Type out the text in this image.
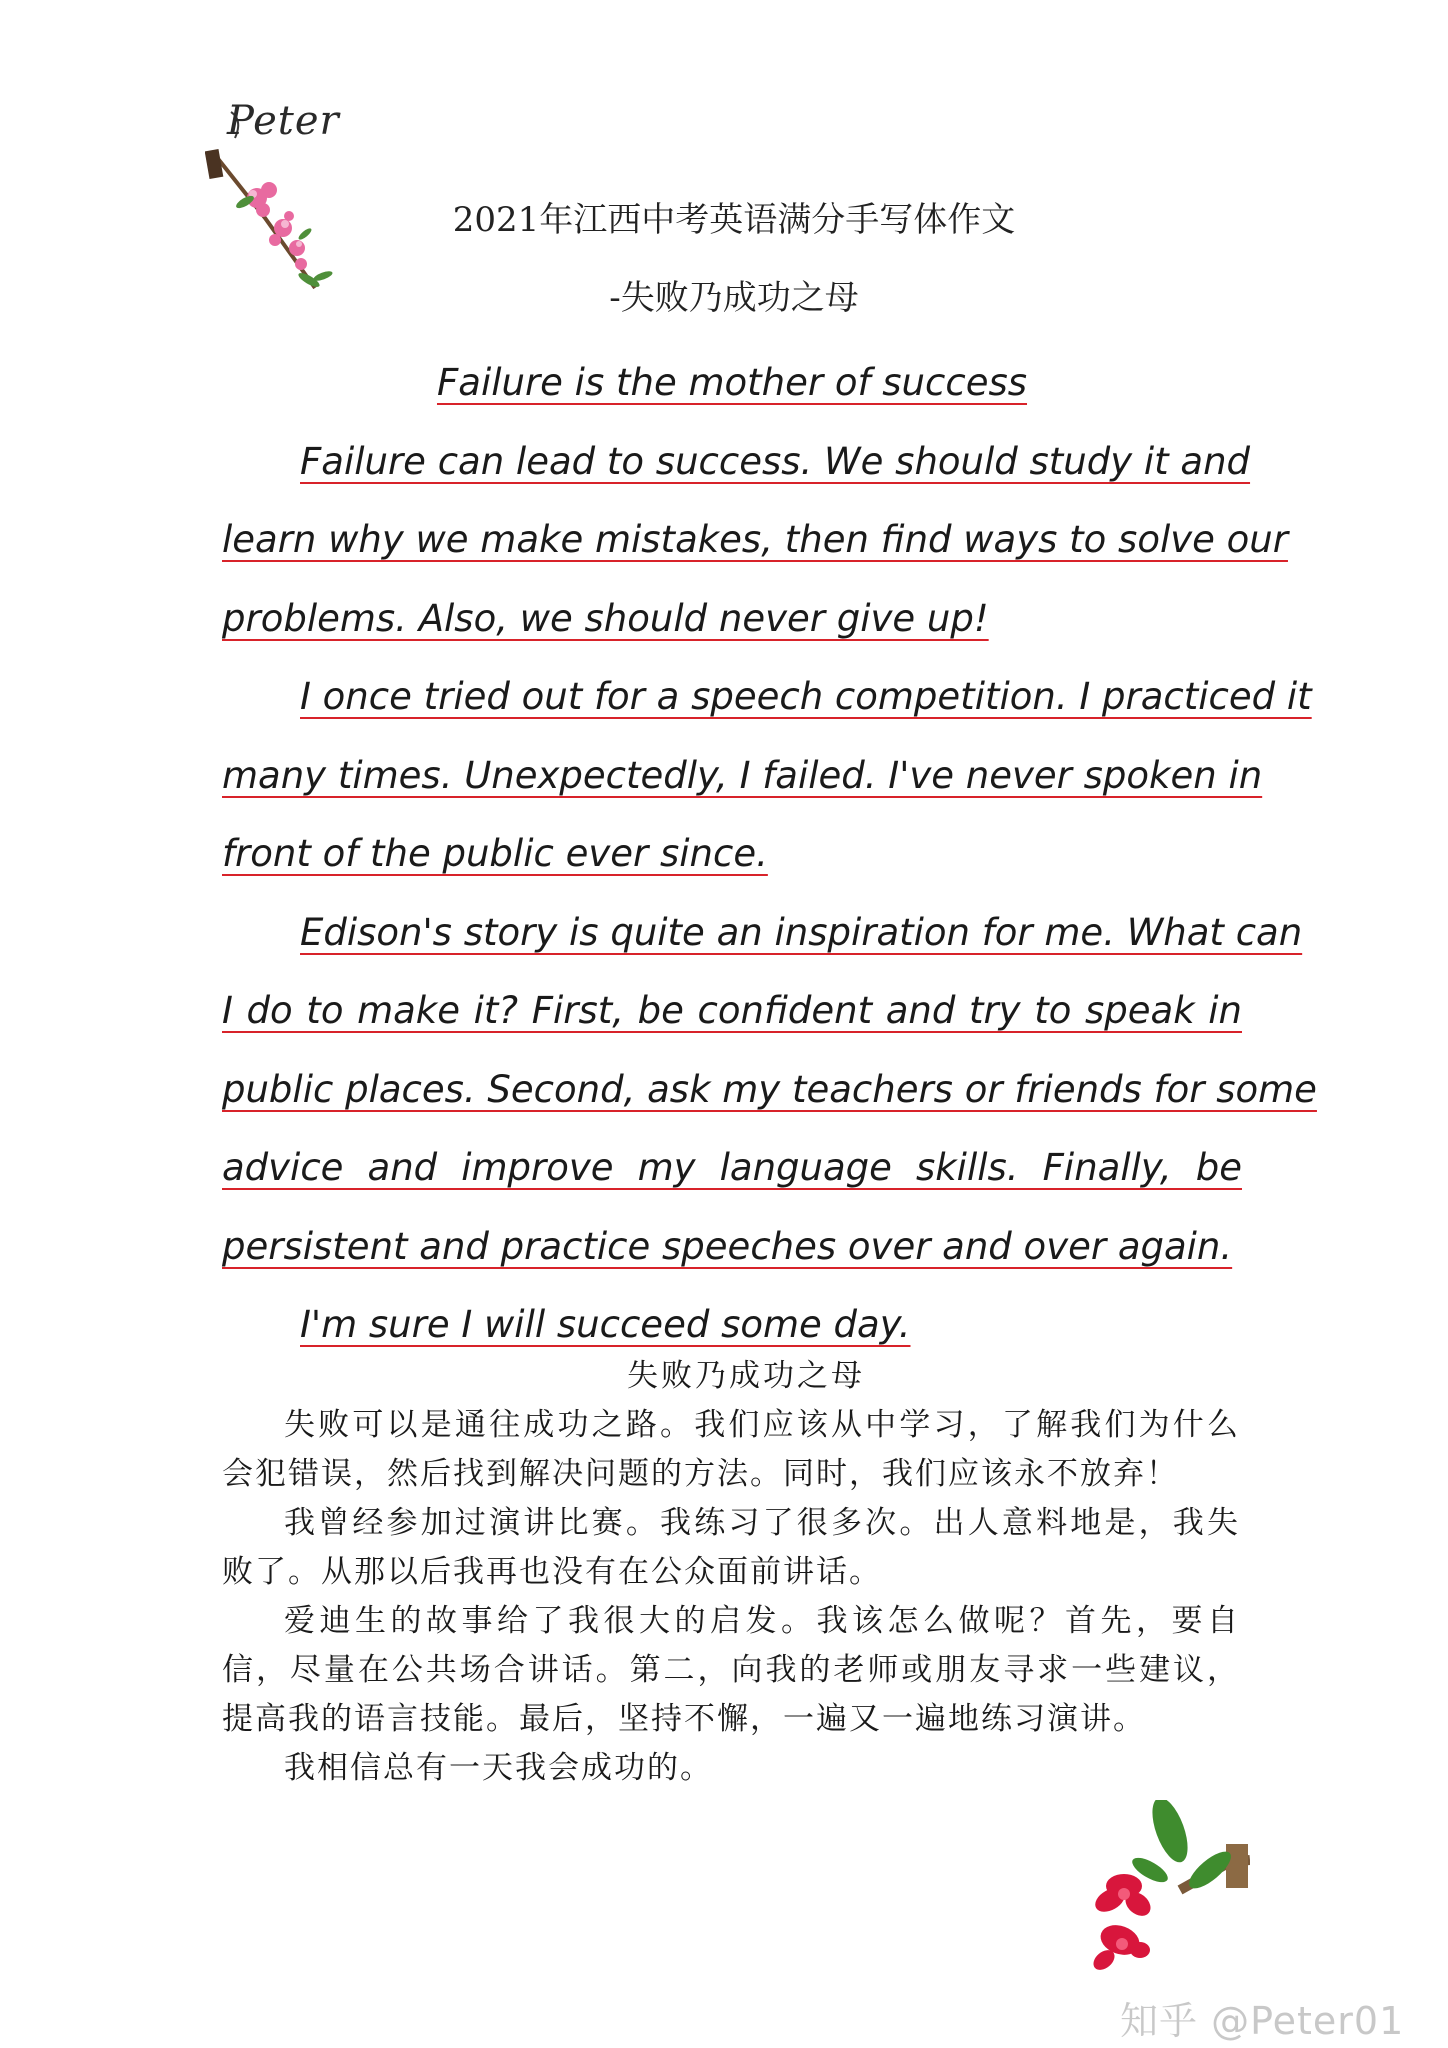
Peter
2021年江西中考英语满分手写体作文
-失败乃成功之母
Failure is the mother of success
Failure can lead to success. We should study it and
learn why we make mistakes, then find ways to solve our
problems. Also, we should never give up!
I once tried out for a speech competition. I practiced it
many times. Unexpectedly, I failed. I've never spoken in
front of the public ever since.
Edison's story is quite an inspiration for me. What can
I do to make it? First, be confident and try to speak in
public places. Second, ask my teachers or friends for some
advice and improve my language skills. Finally, be
persistent and practice speeches over and over again.
I'm sure I will succeed some day.
失败乃成功之母

失败可以是通往成功之路。我们应该从中学习，了解我们为什么会犯错误，然后找到解决问题的方法。同时，我们应该永不放弃！

我曾经参加过演讲比赛。我练习了很多次。出人意料地是，我失败了。从那以后我再也没有在公众面前讲话。

爱迪生的故事给了我很大的启发。我该怎么做呢？首先，要自信，尽量在公共场合讲话。第二，向我的老师或朋友寻求一些建议，提高我的语言技能。最后，坚持不懈，一遍又一遍地练习演讲。

我相信总有一天我会成功的。

知乎 @Peter01
